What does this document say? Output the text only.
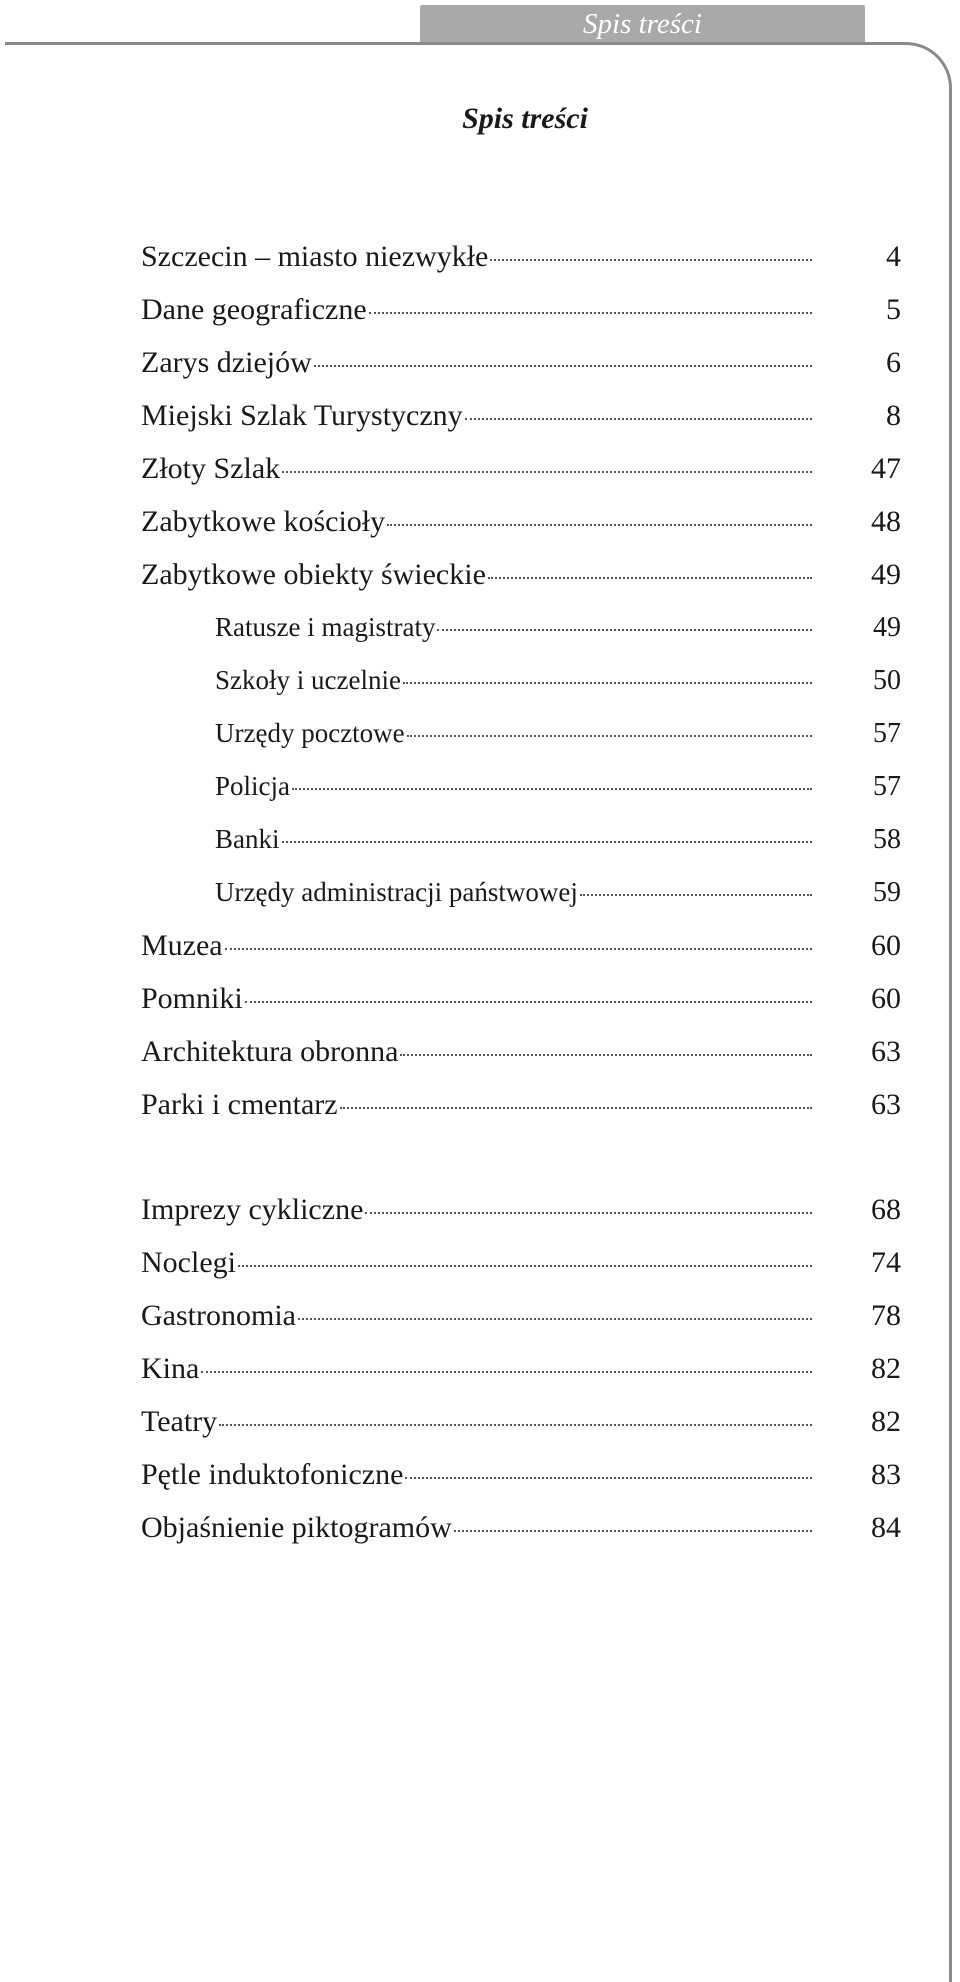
Spis treści
Spis treści
Szczecin – miasto niezwykłe	4
Dane geograficzne	5
Zarys dziejów	6
Miejski Szlak Turystyczny	8
Złoty Szlak	47
Zabytkowe kościoły	48
Zabytkowe obiekty świeckie	49
Ratusze i magistraty	49
Szkoły i uczelnie	50
Urzędy pocztowe	57
Policja	57
Banki	58
Urzędy administracji państwowej	59
Muzea	60
Pomniki	60
Architektura obronna	63
Parki i cmentarz	63
Imprezy cykliczne	68
Noclegi	74
Gastronomia	78
Kina	82
Teatry	82
Pętle induktofoniczne	83
Objaśnienie piktogramów	84
